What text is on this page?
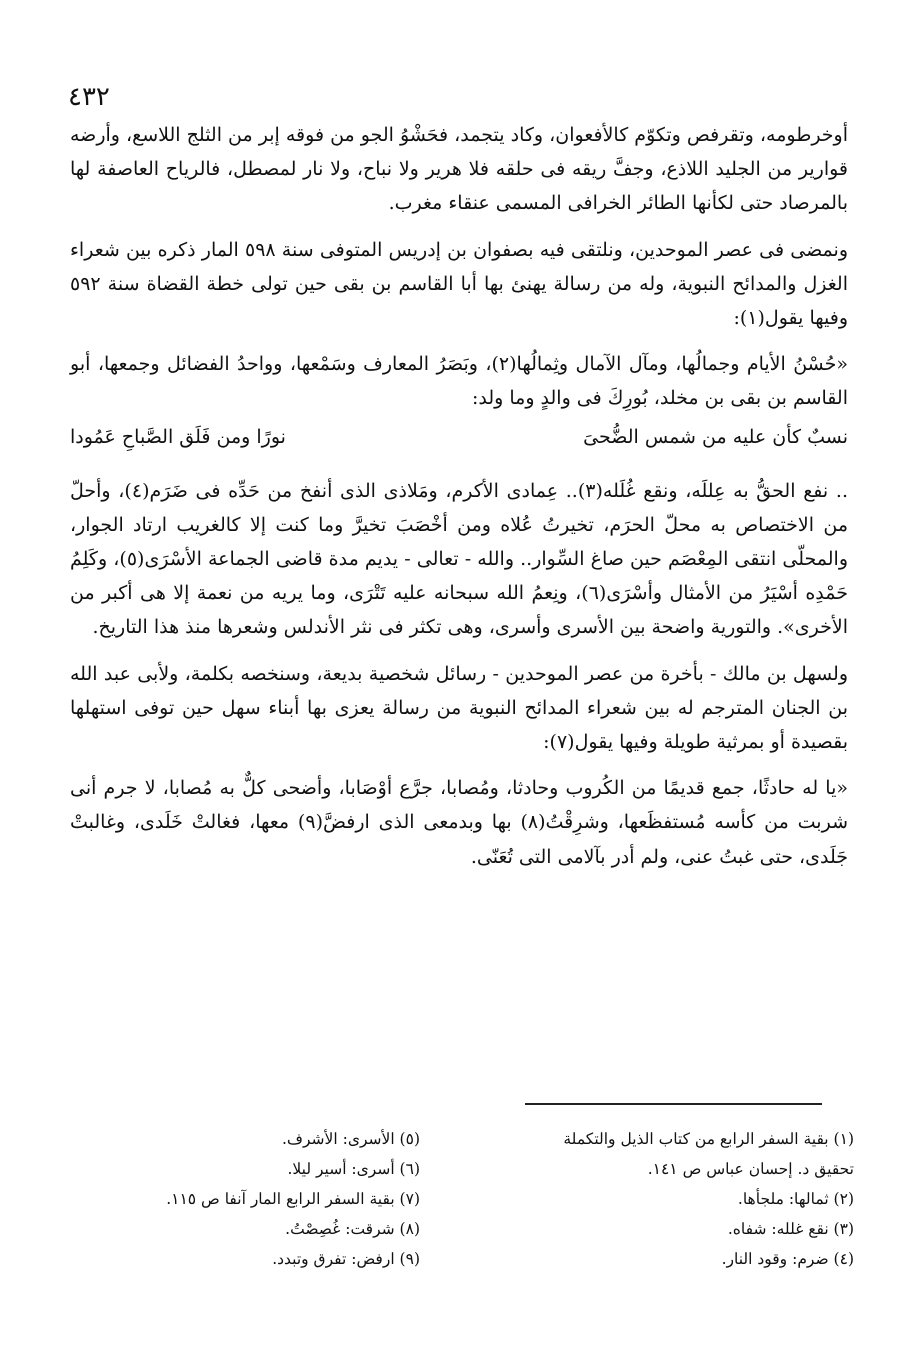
٤٣٢

أوخرطومه، وتقرفص وتكوّم كالأفعوان، وكاد يتجمد، فحَشْوُ الجو من فوقه إبر من الثلج اللاسع، وأرضه قوارير من الجليد اللاذع، وجفَّ ريقه فى حلقه فلا هرير ولا نباح، ولا نار لمصطل، فالرياح العاصفة لها بالمرصاد حتى لكأنها الطائر الخرافى المسمى عنقاء مغرب.

ونمضى فى عصر الموحدين، ونلتقى فيه بصفوان بن إدريس المتوفى سنة ٥٩٨ المار ذكره بين شعراء الغزل والمدائح النبوية، وله من رسالة يهنئ بها أبا القاسم بن بقى حين تولى خطة القضاة سنة ٥٩٢ وفيها يقول(١):

«حُسْنُ الأيام وجمالُها، ومآل الآمال وثِمالُها(٢)، وبَصَرُ المعارف وسَمْعها، وواحدُ الفضائل وجمعها، أبو القاسم بن بقى بن مخلد، بُورِكَ فى والدٍ وما ولد:

نسبٌ كأن عليه من شمس الضُّحىَ
نورًا ومن فَلَق الصَّباحِ عَمُودا

.. نفع الحقُّ به عِللَه، ونقع غُلَله(٣).. عِمادى الأكرم، ومَلاذى الذى أنفخ من حَدِّه فى ضَرَم(٤)، وأحلّ من الاختصاص به محلّ الحرَم، تخيرتُ عُلاه ومن أخْصَبَ تخيرَّ وما كنت إلا كالغريب ارتاد الجوار، والمحلّى انتقى المِعْصَم حين صاغ السِّوار.. والله - تعالى - يديم مدة قاضى الجماعة الأسْرَى(٥)، وكَلِمُ حَمْدِه أسْيَرُ من الأمثال وأسْرَى(٦)، ونِعمُ الله سبحانه عليه تَتْرَى، وما يريه من نعمة إلا هى أكبر من الأخرى». والتورية واضحة بين الأسرى وأسرى، وهى تكثر فى نثر الأندلس وشعرها منذ هذا التاريخ.

ولسهل بن مالك - بأخرة من عصر الموحدين - رسائل شخصية بديعة، وسنخصه بكلمة، ولأبى عبد الله بن الجنان المترجم له بين شعراء المدائح النبوية من رسالة يعزى بها أبناء سهل حين توفى استهلها بقصيدة أو بمرثية طويلة وفيها يقول(٧):

«يا له حادثًا، جمع قديمًا من الكُروب وحادثا، ومُصابا، جرَّع أوْصَابا، وأضحى كلٌّ به مُصابا، لا جرم أنى شربت من كأسه مُستفظَعها، وشرِقْتُ(٨) بها وبدمعى الذى ارفضَّ(٩) معها، فغالتْ خَلَدى، وغالبتْ جَلَدى، حتى غبتُ عنى، ولم أدر بآلامى التى تُعَنّى.

(١) بقية السفر الرابع من كتاب الذيل والتكملة
تحقيق د. إحسان عباس ص ١٤١.
(٢) ثمالها: ملجأها.
(٣) نقع غلله: شفاه.
(٤) ضرم: وقود النار.
(٥) الأسرى: الأشرف.
(٦) أسرى: أسير ليلا.
(٧) بقية السفر الرابع المار آنفا ص ١١٥.
(٨) شرقت: غُصِصْتُ.
(٩) ارفض: تفرق وتبدد.
